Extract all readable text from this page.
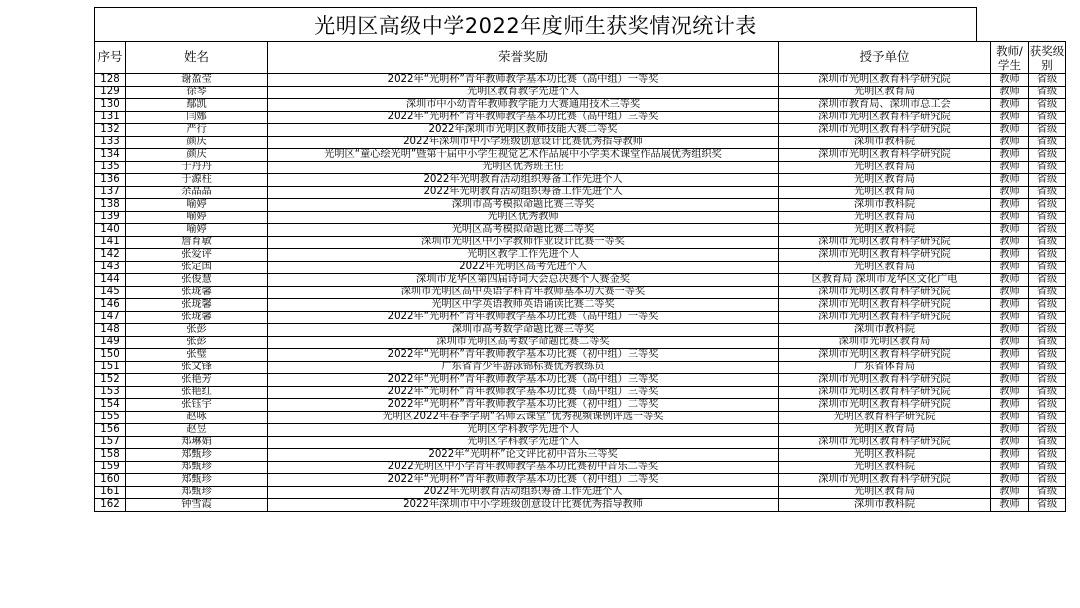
光明区高级中学2022年度师生获奖情况统计表
序号	姓名	荣誉奖励	授予单位	教师/学生	获奖级别
128	谢盈莹	2022年“光明杯”青年教师教学基本功比赛（高中组）一等奖	深圳市光明区教育科学研究院	教师	省级
129	徐琴	光明区教育教学先进个人	光明区教育局	教师	省级
130	鄢凯	深圳市中小幼青年教师教学能力大赛通用技术三等奖	深圳市教育局、深圳市总工会	教师	省级
131	闫娜	2022年“光明杯”青年教师教学基本功比赛（高中组）三等奖	深圳市光明区教育科学研究院	教师	省级
132	严行	2022年深圳市光明区教师技能大赛二等奖	深圳市光明区教育科学研究院	教师	省级
133	颜庆	2022年深圳市中小学班级创意设计比赛优秀指导教师	深圳市教科院	教师	省级
134	颜庆	光明区“童心绘光明”暨第十届中小学生视觉艺术作品展中小学美术课堂作品展优秀组织奖	深圳市光明区教育科学研究院	教师	省级
135	于丹丹	光明区优秀班主任	光明区教育局	教师	省级
136	于源柱	2022年光明教育活动组织筹备工作先进个人	光明区教育局	教师	省级
137	余晶晶	2022年光明教育活动组织筹备工作先进个人	光明区教育局	教师	省级
138	喻婷	深圳市高考模拟命题比赛三等奖	深圳市教科院	教师	省级
139	喻婷	光明区优秀教师	光明区教育局	教师	省级
140	喻婷	光明区高考模拟命题比赛二等奖	光明区教科院	教师	省级
141	詹育敏	深圳市光明区中小学教师作业设计比赛一等奖	深圳市光明区教育科学研究院	教师	省级
142	张爱评	光明区教学工作先进个人	深圳市光明区教育科学研究院	教师	省级
143	张定国	2022年光明区高考先进个人	光明区教育局	教师	省级
144	张俊慧	深圳市龙华区第四届诗词大会总决赛个人赛金奖	区教育局 深圳市龙华区文化广电	教师	省级
145	张珑馨	深圳市光明区高中英语学科青年教师基本功大赛一等奖	深圳市光明区教育科学研究院	教师	省级
146	张珑馨	光明区中学英语教师英语诵读比赛二等奖	深圳市光明区教育科学研究院	教师	省级
147	张珑馨	2022年“光明杯”青年教师教学基本功比赛（高中组）一等奖	深圳市光明区教育科学研究院	教师	省级
148	张彭	深圳市高考数学命题比赛三等奖	深圳市教科院	教师	省级
149	张彭	深圳市光明区高考数学命题比赛二等奖	深圳市光明区教育局	教师	省级
150	张璧	2022年“光明杯”青年教师教学基本功比赛（初中组）三等奖	深圳市光明区教育科学研究院	教师	省级
151	张文锋	广东省青少年游泳锦标赛优秀教练员	广东省体育局	教师	省级
152	张艳芳	2022年“光明杯”青年教师教学基本功比赛（高中组）三等奖	深圳市光明区教育科学研究院	教师	省级
153	张艳红	2022年“光明杯”青年教师教学基本功比赛（高中组）三等奖	深圳市光明区教育科学研究院	教师	省级
154	张钰宇	2022年“光明杯”青年教师教学基本功比赛（初中组）二等奖	深圳市光明区教育科学研究院	教师	省级
155	赵咏	光明区2022年春季学期“名师云课堂”优秀视频课例评选一等奖	光明区教育科学研究院	教师	省级
156	赵昱	光明区学科教学先进个人	光明区教育局	教师	省级
157	郑琳娟	光明区学科教学先进个人	深圳市光明区教育科学研究院	教师	省级
158	郑甄珍	2022年“光明杯”论文评比初中音乐三等奖	光明区教科院	教师	省级
159	郑甄珍	2022光明区中小学青年教师教学基本功比赛初中音乐二等奖	光明区教科院	教师	省级
160	郑甄珍	2022年“光明杯”青年教师教学基本功比赛（初中组）二等奖	深圳市光明区教育科学研究院	教师	省级
161	郑甄珍	2022年光明教育活动组织筹备工作先进个人	光明区教育局	教师	省级
162	钟雪霞	2022年深圳市中小学班级创意设计比赛优秀指导教师	深圳市教科院	教师	省级
